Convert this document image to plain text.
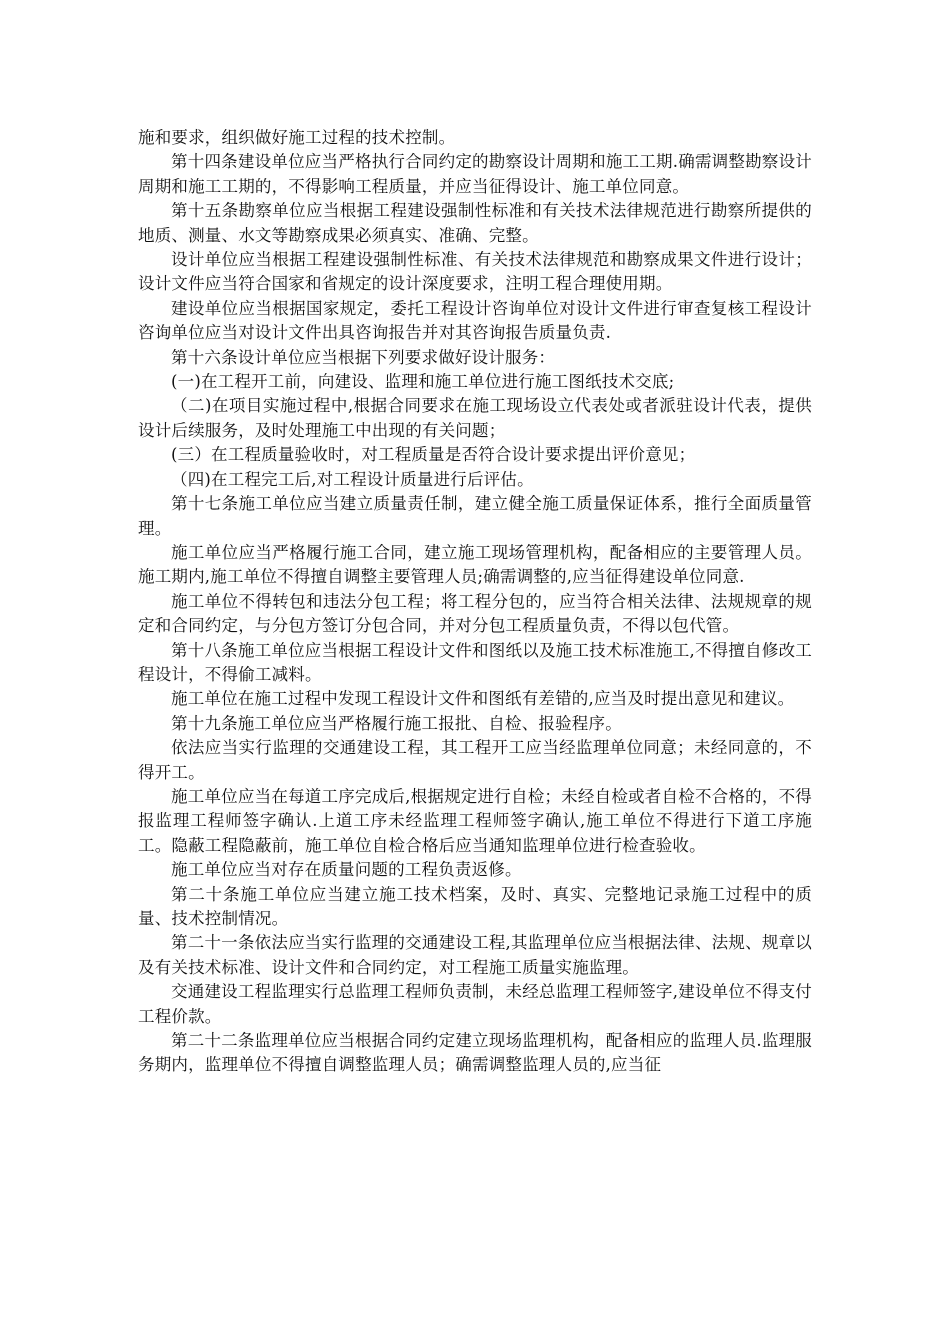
施和要求，组织做好施工过程的技术控制。

第十四条建设单位应当严格执行合同约定的勘察设计周期和施工工期.确需调整勘察设计周期和施工工期的，不得影响工程质量，并应当征得设计、施工单位同意。

第十五条勘察单位应当根据工程建设强制性标准和有关技术法律规范进行勘察所提供的地质、测量、水文等勘察成果必须真实、准确、完整。

设计单位应当根据工程建设强制性标准、有关技术法律规范和勘察成果文件进行设计；设计文件应当符合国家和省规定的设计深度要求，注明工程合理使用期。

建设单位应当根据国家规定，委托工程设计咨询单位对设计文件进行审查复核工程设计咨询单位应当对设计文件出具咨询报告并对其咨询报告质量负责.

第十六条设计单位应当根据下列要求做好设计服务：

(一)在工程开工前，向建设、监理和施工单位进行施工图纸技术交底;

（二)在项目实施过程中,根据合同要求在施工现场设立代表处或者派驻设计代表，提供设计后续服务，及时处理施工中出现的有关问题；

(三）在工程质量验收时，对工程质量是否符合设计要求提出评价意见；

（四)在工程完工后,对工程设计质量进行后评估。

第十七条施工单位应当建立质量责任制，建立健全施工质量保证体系，推行全面质量管理。

施工单位应当严格履行施工合同，建立施工现场管理机构，配备相应的主要管理人员。施工期内,施工单位不得擅自调整主要管理人员;确需调整的,应当征得建设单位同意.

施工单位不得转包和违法分包工程；将工程分包的，应当符合相关法律、法规规章的规定和合同约定，与分包方签订分包合同，并对分包工程质量负责，不得以包代管。

第十八条施工单位应当根据工程设计文件和图纸以及施工技术标准施工,不得擅自修改工程设计，不得偷工减料。

施工单位在施工过程中发现工程设计文件和图纸有差错的,应当及时提出意见和建议。

第十九条施工单位应当严格履行施工报批、自检、报验程序。

依法应当实行监理的交通建设工程，其工程开工应当经监理单位同意；未经同意的，不得开工。

施工单位应当在每道工序完成后,根据规定进行自检；未经自检或者自检不合格的，不得报监理工程师签字确认.上道工序未经监理工程师签字确认,施工单位不得进行下道工序施工。隐蔽工程隐蔽前，施工单位自检合格后应当通知监理单位进行检查验收。

施工单位应当对存在质量问题的工程负责返修。

第二十条施工单位应当建立施工技术档案，及时、真实、完整地记录施工过程中的质量、技术控制情况。

第二十一条依法应当实行监理的交通建设工程,其监理单位应当根据法律、法规、规章以及有关技术标准、设计文件和合同约定，对工程施工质量实施监理。

交通建设工程监理实行总监理工程师负责制，未经总监理工程师签字,建设单位不得支付工程价款。

第二十二条监理单位应当根据合同约定建立现场监理机构，配备相应的监理人员.监理服务期内，监理单位不得擅自调整监理人员；确需调整监理人员的,应当征
